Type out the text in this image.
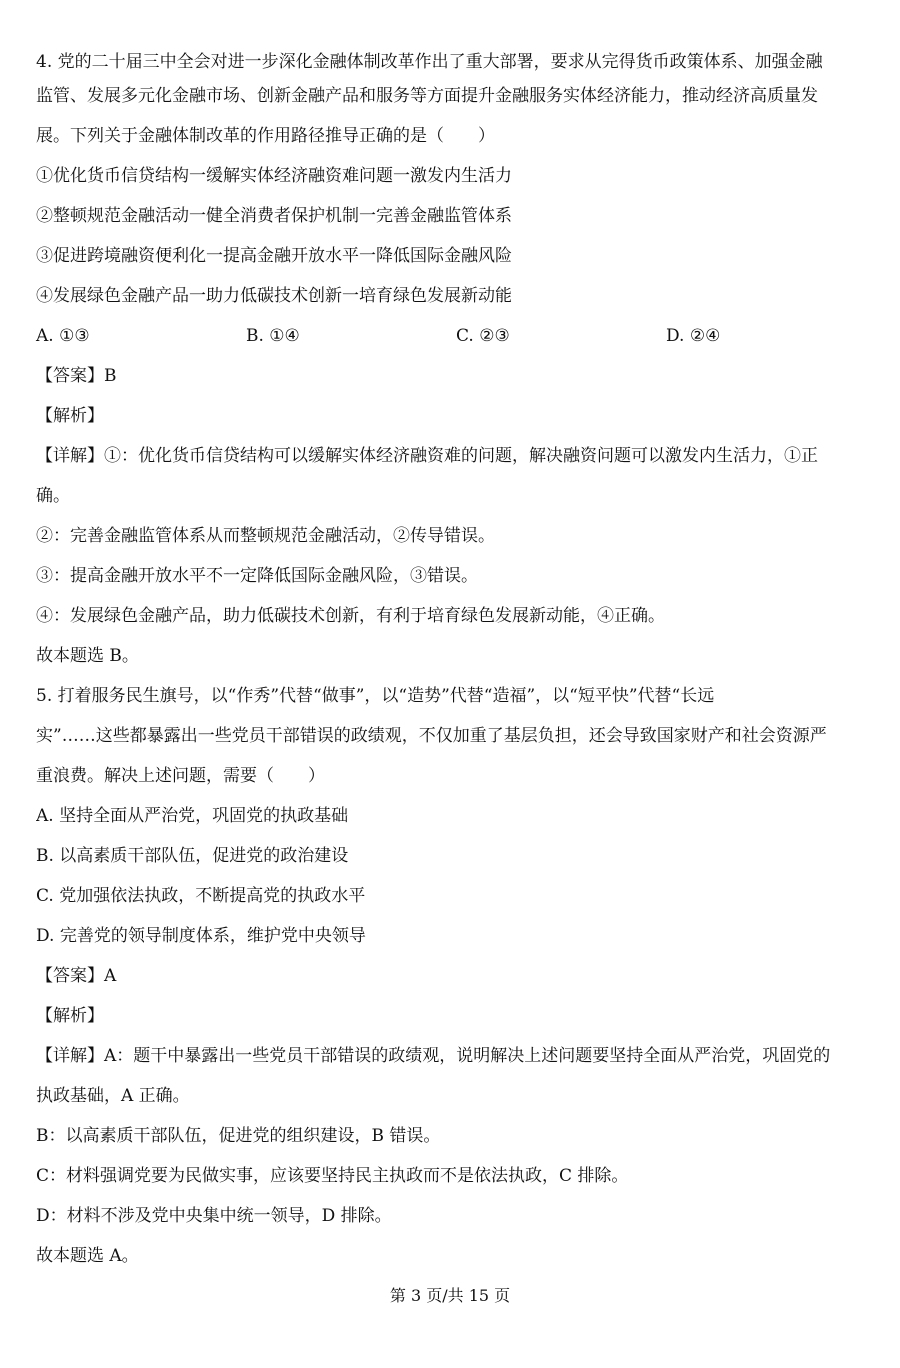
4. 党的二十届三中全会对进一步深化金融体制改革作出了重大部署，要求从完得货币政策体系、加强金融
监管、发展多元化金融市场、创新金融产品和服务等方面提升金融服务实体经济能力，推动经济高质量发
展。下列关于金融体制改革的作用路径推导正确的是（　　）
①优化货币信贷结构一缓解实体经济融资难问题一激发内生活力
②整顿规范金融活动一健全消费者保护机制一完善金融监管体系
③促进跨境融资便利化一提高金融开放水平一降低国际金融风险
④发展绿色金融产品一助力低碳技术创新一培育绿色发展新动能
A. ①③	B. ①④	C. ②③	D. ②④
【答案】B
【解析】
【详解】①：优化货币信贷结构可以缓解实体经济融资难的问题，解决融资问题可以激发内生活力，①正
确。
②：完善金融监管体系从而整顿规范金融活动，②传导错误。
③：提高金融开放水平不一定降低国际金融风险，③错误。
④：发展绿色金融产品，助力低碳技术创新，有利于培育绿色发展新动能，④正确。
故本题选 B。
5. 打着服务民生旗号，以“作秀”代替“做事”，以“造势”代替“造福”，以“短平快”代替“长远
实”……这些都暴露出一些党员干部错误的政绩观，不仅加重了基层负担，还会导致国家财产和社会资源严
重浪费。解决上述问题，需要（　　）
A. 坚持全面从严治党，巩固党的执政基础
B. 以高素质干部队伍，促进党的政治建设
C. 党加强依法执政，不断提高党的执政水平
D. 完善党的领导制度体系，维护党中央领导
【答案】A
【解析】
【详解】A：题干中暴露出一些党员干部错误的政绩观，说明解决上述问题要坚持全面从严治党，巩固党的
执政基础，A 正确。
B：以高素质干部队伍，促进党的组织建设，B 错误。
C：材料强调党要为民做实事，应该要坚持民主执政而不是依法执政，C 排除。
D：材料不涉及党中央集中统一领导，D 排除。
故本题选 A。
第 3 页/共 15 页
